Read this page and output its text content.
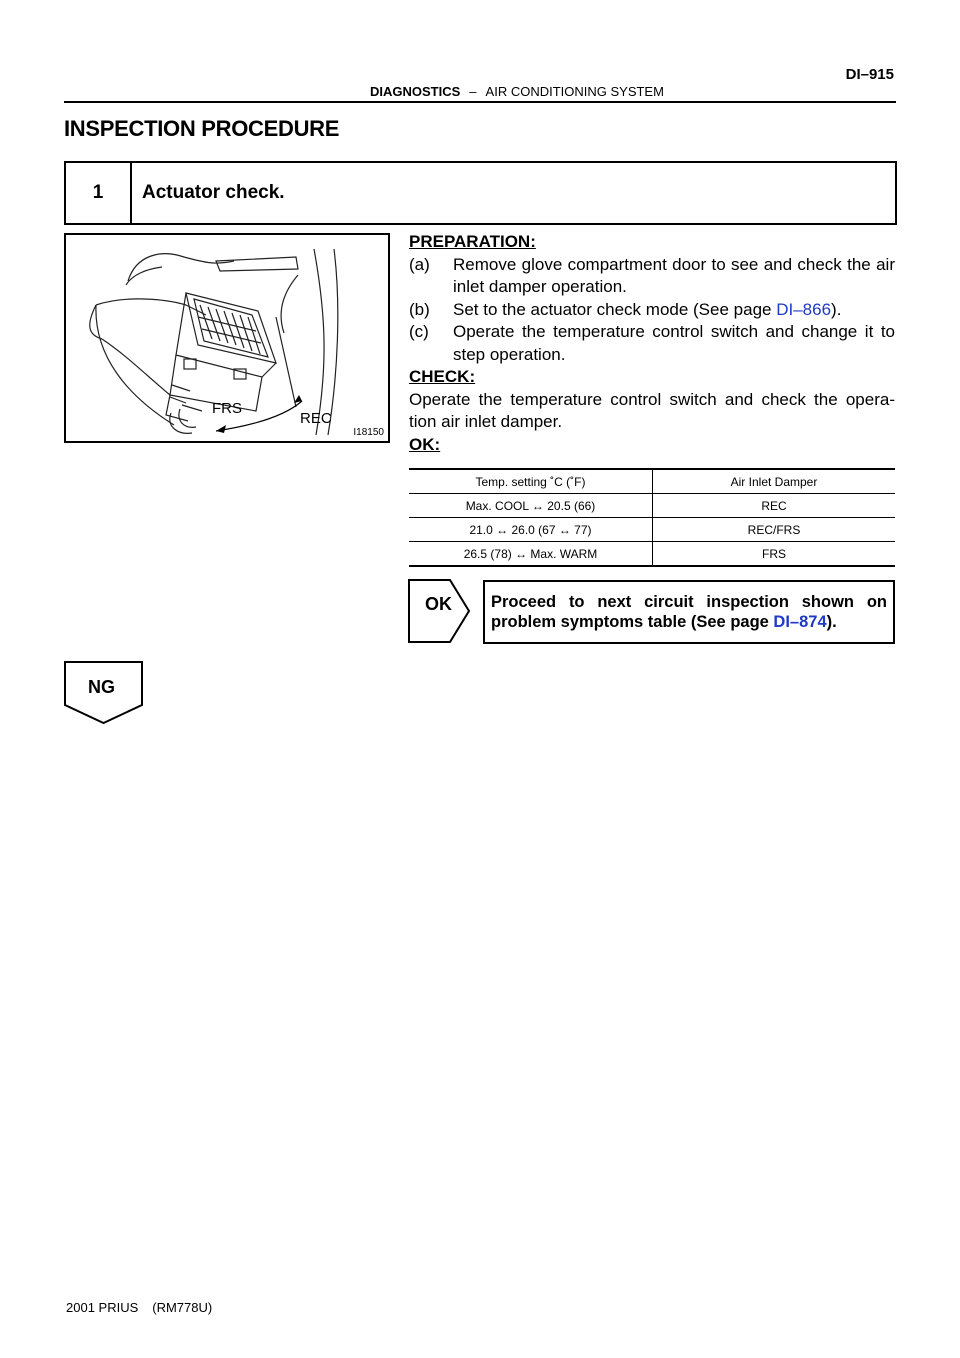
DIAGNOSTICS – AIR CONDITIONING SYSTEM
DI–915
INSPECTION PROCEDURE
1	Actuator check.
FRS
REC
I18150
PREPARATION:
(a)	Remove glove compartment door to see and check the air inlet damper operation.
(b)	Set to the actuator check mode (See page DI–866).
(c)	Operate the temperature control switch and change it to step operation.
CHECK:
Operate the temperature control switch and check the opera-
tion air inlet damper.
OK:
Temp. setting ˚C (˚F)	Air Inlet Damper
Max. COOL ↔ 20.5 (66)	REC
21.0 ↔ 26.0 (67 ↔ 77)	REC/FRS
26.5 (78) ↔ Max. WARM	FRS
OK Proceed to next circuit inspection shown on
problem symptoms table (See page DI–874).
NG
2001 PRIUS (RM778U)
